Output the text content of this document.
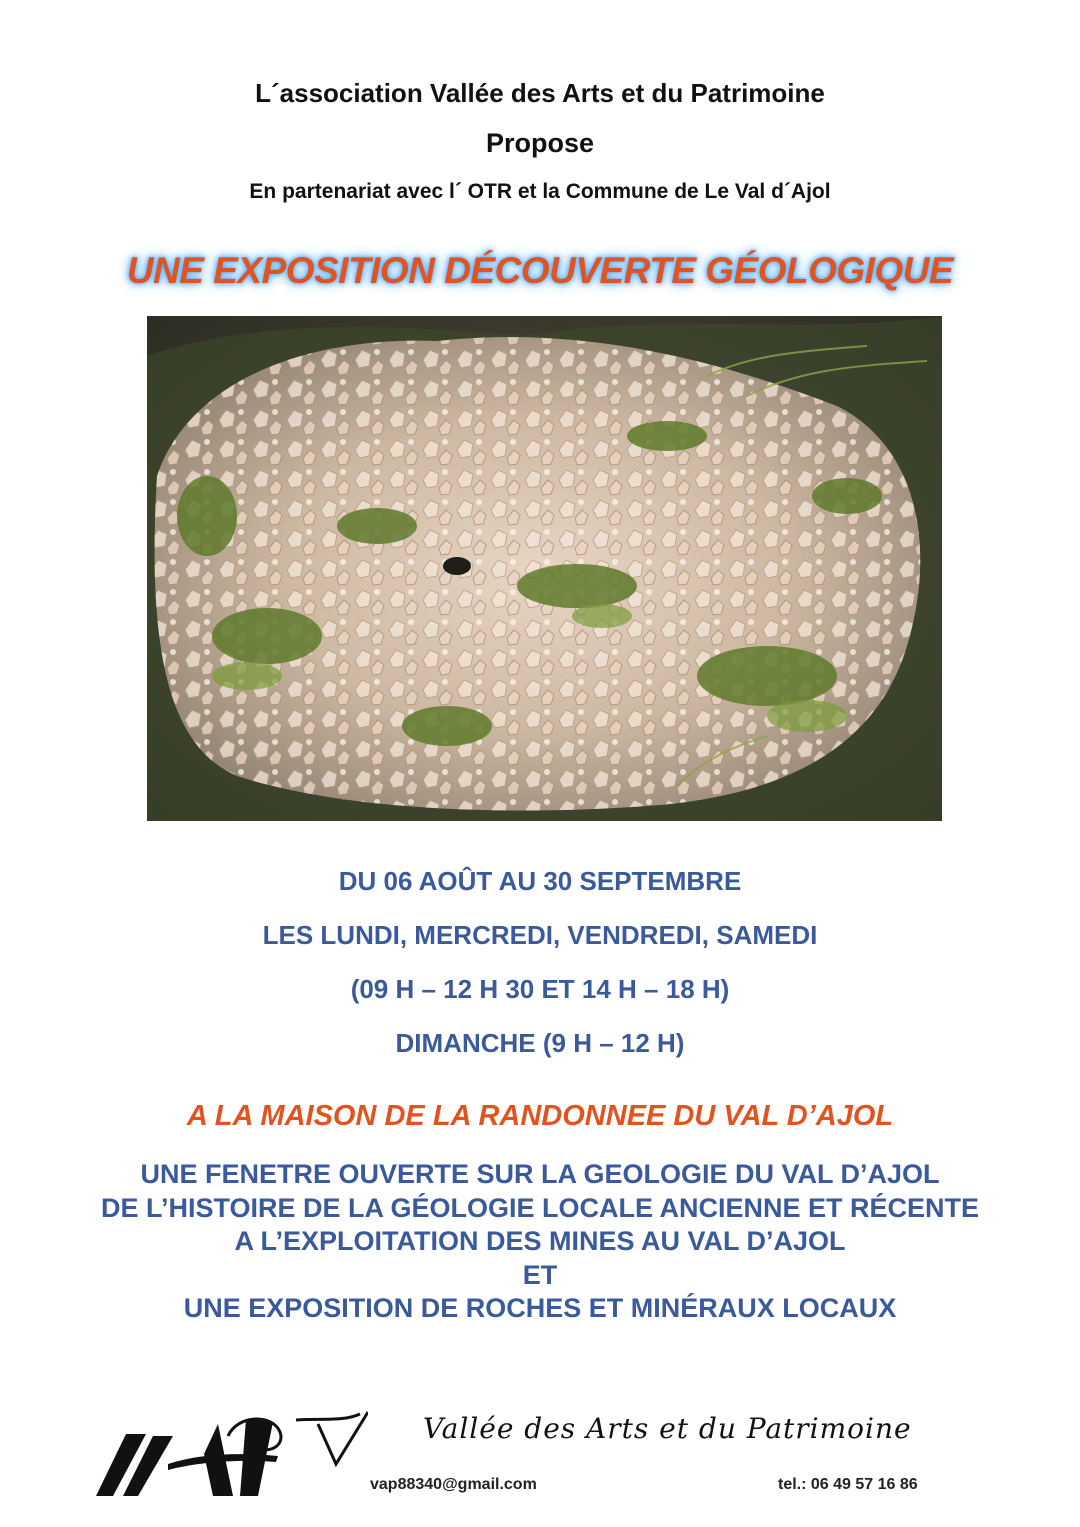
L´association Vallée des Arts et du Patrimoine
Propose
En partenariat avec l´ OTR et la Commune de Le Val d´Ajol
UNE EXPOSITION DÉCOUVERTE GÉOLOGIQUE
DU 06 AOÛT AU 30 SEPTEMBRE
LES LUNDI, MERCREDI, VENDREDI, SAMEDI
(09 H – 12 H 30 ET 14 H – 18 H)
DIMANCHE (9 H – 12 H)
A LA MAISON DE LA RANDONNEE DU VAL D’AJOL
UNE FENETRE OUVERTE SUR LA GEOLOGIE DU VAL D’AJOL
DE L’HISTOIRE DE LA GÉOLOGIE LOCALE ANCIENNE ET RÉCENTE
A L’EXPLOITATION DES MINES AU VAL D’AJOL
ET
UNE EXPOSITION DE ROCHES ET MINÉRAUX LOCAUX
Vallée des Arts et du Patrimoine
vap88340@gmail.com	tel.: 06 49 57 16 86
